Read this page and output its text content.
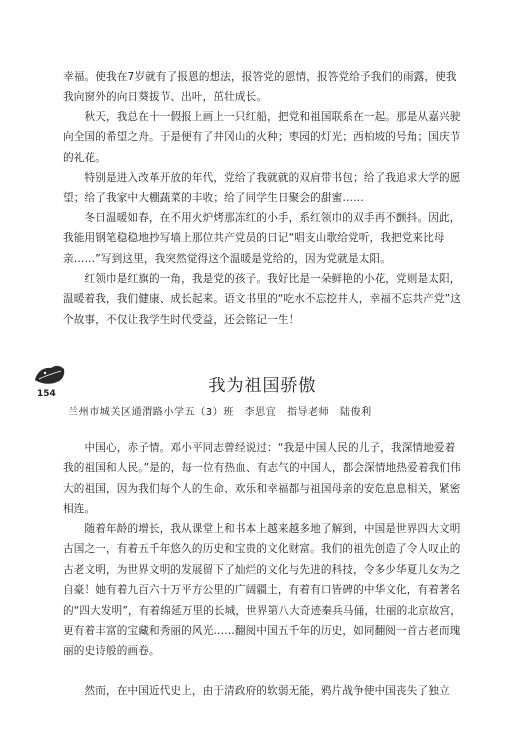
幸福。使我在7岁就有了报恩的想法，报答党的恩情，报答党给予我们的雨露，使我我向窗外的向日葵拔节、出叶，茁壮成长。

　　秋天，我总在十一假报上画上一只红船，把党和祖国联系在一起。那是从嘉兴驶向全国的希望之舟。于是便有了井冈山的火种；枣园的灯光；西柏坡的号角；国庆节的礼花。

　　特别是进入改革开放的年代，党给了我就就的双肩带书包；给了我追求大学的愿望；给了我家中大棚蔬菜的丰收；给了同学生日聚会的甜蜜……

　　冬日温暖如春，在不用火炉烤那冻红的小手，系红领巾的双手再不颤抖。因此，我能用钢笔稳稳地抄写墙上那位共产党员的日记“唱支山歌给党听，我把党来比母亲……”写到这里，我突然觉得这个温暖是党给的，因为党就是太阳。

　　红领巾是红旗的一角，我是党的孩子。我好比是一朵鲜艳的小花，党则是太阳，温暖着我，我们健康、成长起来。语文书里的“吃水不忘挖井人，幸福不忘共产党”这个故事，不仅让我学生时代受益，还会铭记一生！

154	我为祖国骄傲

兰州市城关区通渭路小学五（3）班　李思宜　指导老师　陆俊利

　　中国心，赤子情。邓小平同志曾经说过：“我是中国人民的儿子，我深情地爱着我的祖国和人民。”是的，每一位有热血、有志气的中国人，都会深情地热爱着我们伟大的祖国，因为我们每个人的生命、欢乐和幸福都与祖国母亲的安危息息相关，紧密相连。

　　随着年龄的增长，我从课堂上和书本上越来越多地了解到，中国是世界四大文明古国之一，有着五千年悠久的历史和宝贵的文化财富。我们的祖先创造了令人叹止的古老文明，为世界文明的发展留下了灿烂的文化与先进的科技，令多少华夏儿女为之自豪！她有着九百六十万平方公里的广阔疆土，有着有口皆碑的中华文化，有着著名的“四大发明”，有着绵延万里的长城，世界第八大奇迹秦兵马俑，壮丽的北京故宫，更有着丰富的宝藏和秀丽的风光……翻阅中国五千年的历史，如同翻阅一首古老而瑰丽的史诗般的画卷。

　　然而，在中国近代史上，由于清政府的软弱无能，鸦片战争使中国丧失了独立
